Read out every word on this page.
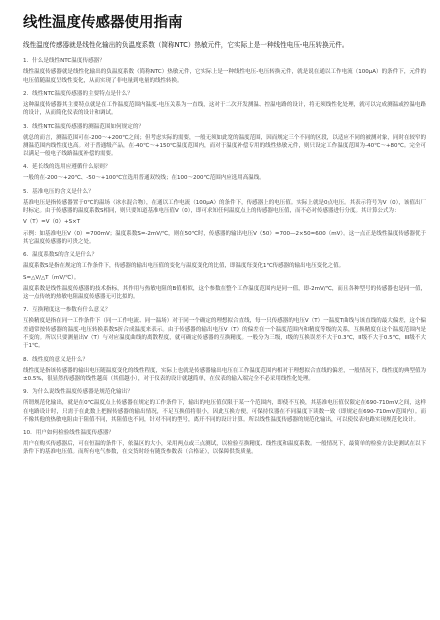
线性温度传感器使用指南

线性温度传感器就是线性化输出的负温度系数（简称NTC）热敏元件，它实际上是一种线性电压-电压转换元件。

1．什么是线性NTC温度传感器？

线性温度传感器就是线性化输出的负温度系数（简称NTC）热敏元件，它实际上是一种线性电压-电压转换元件，就是说在通以工作电流（100μA）的条件下，元件的电压值随温度呈线性变化，从而实现了非电量到电量的线性转换。

2．线性NTC温度传感器的主要特点是什么？

这种温度传感器其主要特点就是在工作温度范围内温度-电压关系为一直线，这对于二次开发测温、控温电路的设计，将无须线性化处理，就可以完成测温或控温电路的设计，从而简化仪表的设计和调试。

3．线性NTC温度传感器的测温范围如何规定的？

就总的而言，测温范围可在-200～+200℃之间；但考虑实际的需要，一般无须如此宽的温度范围，因而规定三个不同的区段，以适应不同的被测对象，同时在较窄的测温范围内线性度也高。对于普通级产品，在-40℃～+150℃温度范围内，而对于温度补偿专用的线性热敏元件，则只设定工作温度范围为-40℃～+80℃。完全可以满足一般电子线路温度补偿的需要。

4．延长线的选用应遵循什么原则？

一般的在-200～+20℃、-50～+100℃宜选用普通双绞线；在100～200℃范围内应选用高温线。

5．基准电压的含义是什么？

基准电压是指传感器置于0℃的温场（冰水混合物），在通以工作电流（100μA）的条件下，传感器上的电压值。实际上就是0点电压。其表示符号为V（0），该值出厂时标定。由于传感器的温度系数S相同，则只要知道基准电压值V（0），即可求知任何温度点上的传感器电压值，而不必对传感器进行分度。其计算公式为：

V（T）=V（0）+S×T

示例：如基准电压V（0）=700mV；温度系数S=-2mV/℃，则在50℃时，传感器的输出电压V（50）=700—2×50=600（mV）。这一点正是线性温度传感器优于其它温度传感器的可贵之处。

6．温度系数S的含义是什么？

温度系数S是指在规定的工作条件下，传感器的输出电压值的变化与温度变化的比值，即温度每变化1℃传感器的输出电压变化之值。

S=△V/△T（mV/℃）。

温度系数是线性温度传感器的技术指标，其作用与热敏电阻的B值相似，这个参数在整个工作温度范围内是同一值，即-2mV/℃，而且各种型号的传感器也是同一值，这一点传统的热敏电阻温度传感器无可比拟的。

7．互换精度这一参数有什么意义？

互换精度是指在同一工作条件下（同一工作电流、同一温场）对于同一个确定的理想拟合直线，每一只传感器的电压V（T）一温度T曲线与该直线的最大偏差，这个偏差通常按传感器的温度-电压转换系数S折合成温度来表示。由于传感器的输出电压V（T）的偏差在一个温度范围内和精度等级的关系，互换精度在这个温度范围内是不变的。所以只要测量出V（T）与对应温度曲线的离散程度，就可确定传感器的互换精度。一般分为三级，I级的互换误差不大于0.3℃，II级不大于0.5℃，III级不大于1℃。

8．线性度的意义是什么？

线性度是指该传感器的输出电压随温度变化的线性程度，实际上也就是传感器输出电压在工作温度范围内相对于理想拟合直线的偏差，一般情况下，线性度的典型值为±0.5%，很显然传感器的线性越高（其值越小），对于仪表的设计就越简单，在仪表的输入端完全不必采用线性化处理。

9．为什么说线性温度传感器是规范化输出？

所谓规范化输出，就是在0℃温度点上传感器在规定的工作条件下，输出的电压值仅限于某一个范围内，即使不互换，其基准电压值仅限定在690-710mV之间，这样在电路设计时，只需于在此数上把握传感器的输出情况，不足互换值将很小，因此互换方便，可保持仪器在不同温度下读数一致（即规定在690-710mV范围内）。而不像其他的热敏电阻由于阻值不同，其阻值也不同，针对不同的型号，离开不同的设计计算。所以线性温度传感器的规范化输出，可以使仪表电路实现规范化设计。

10．用户如何检验线性温度传感器？

用户在购买传感器后，可在恒温的条件下，依温区的大小，采用两点或三点测试，以检验互换精度、线性度和温度系数。一般情况下，最简单的检验方法是测试在以下条件下的基准电压值。而所有电气参数，在交货时经有随货参数表（合格证），以保障供货质量。
